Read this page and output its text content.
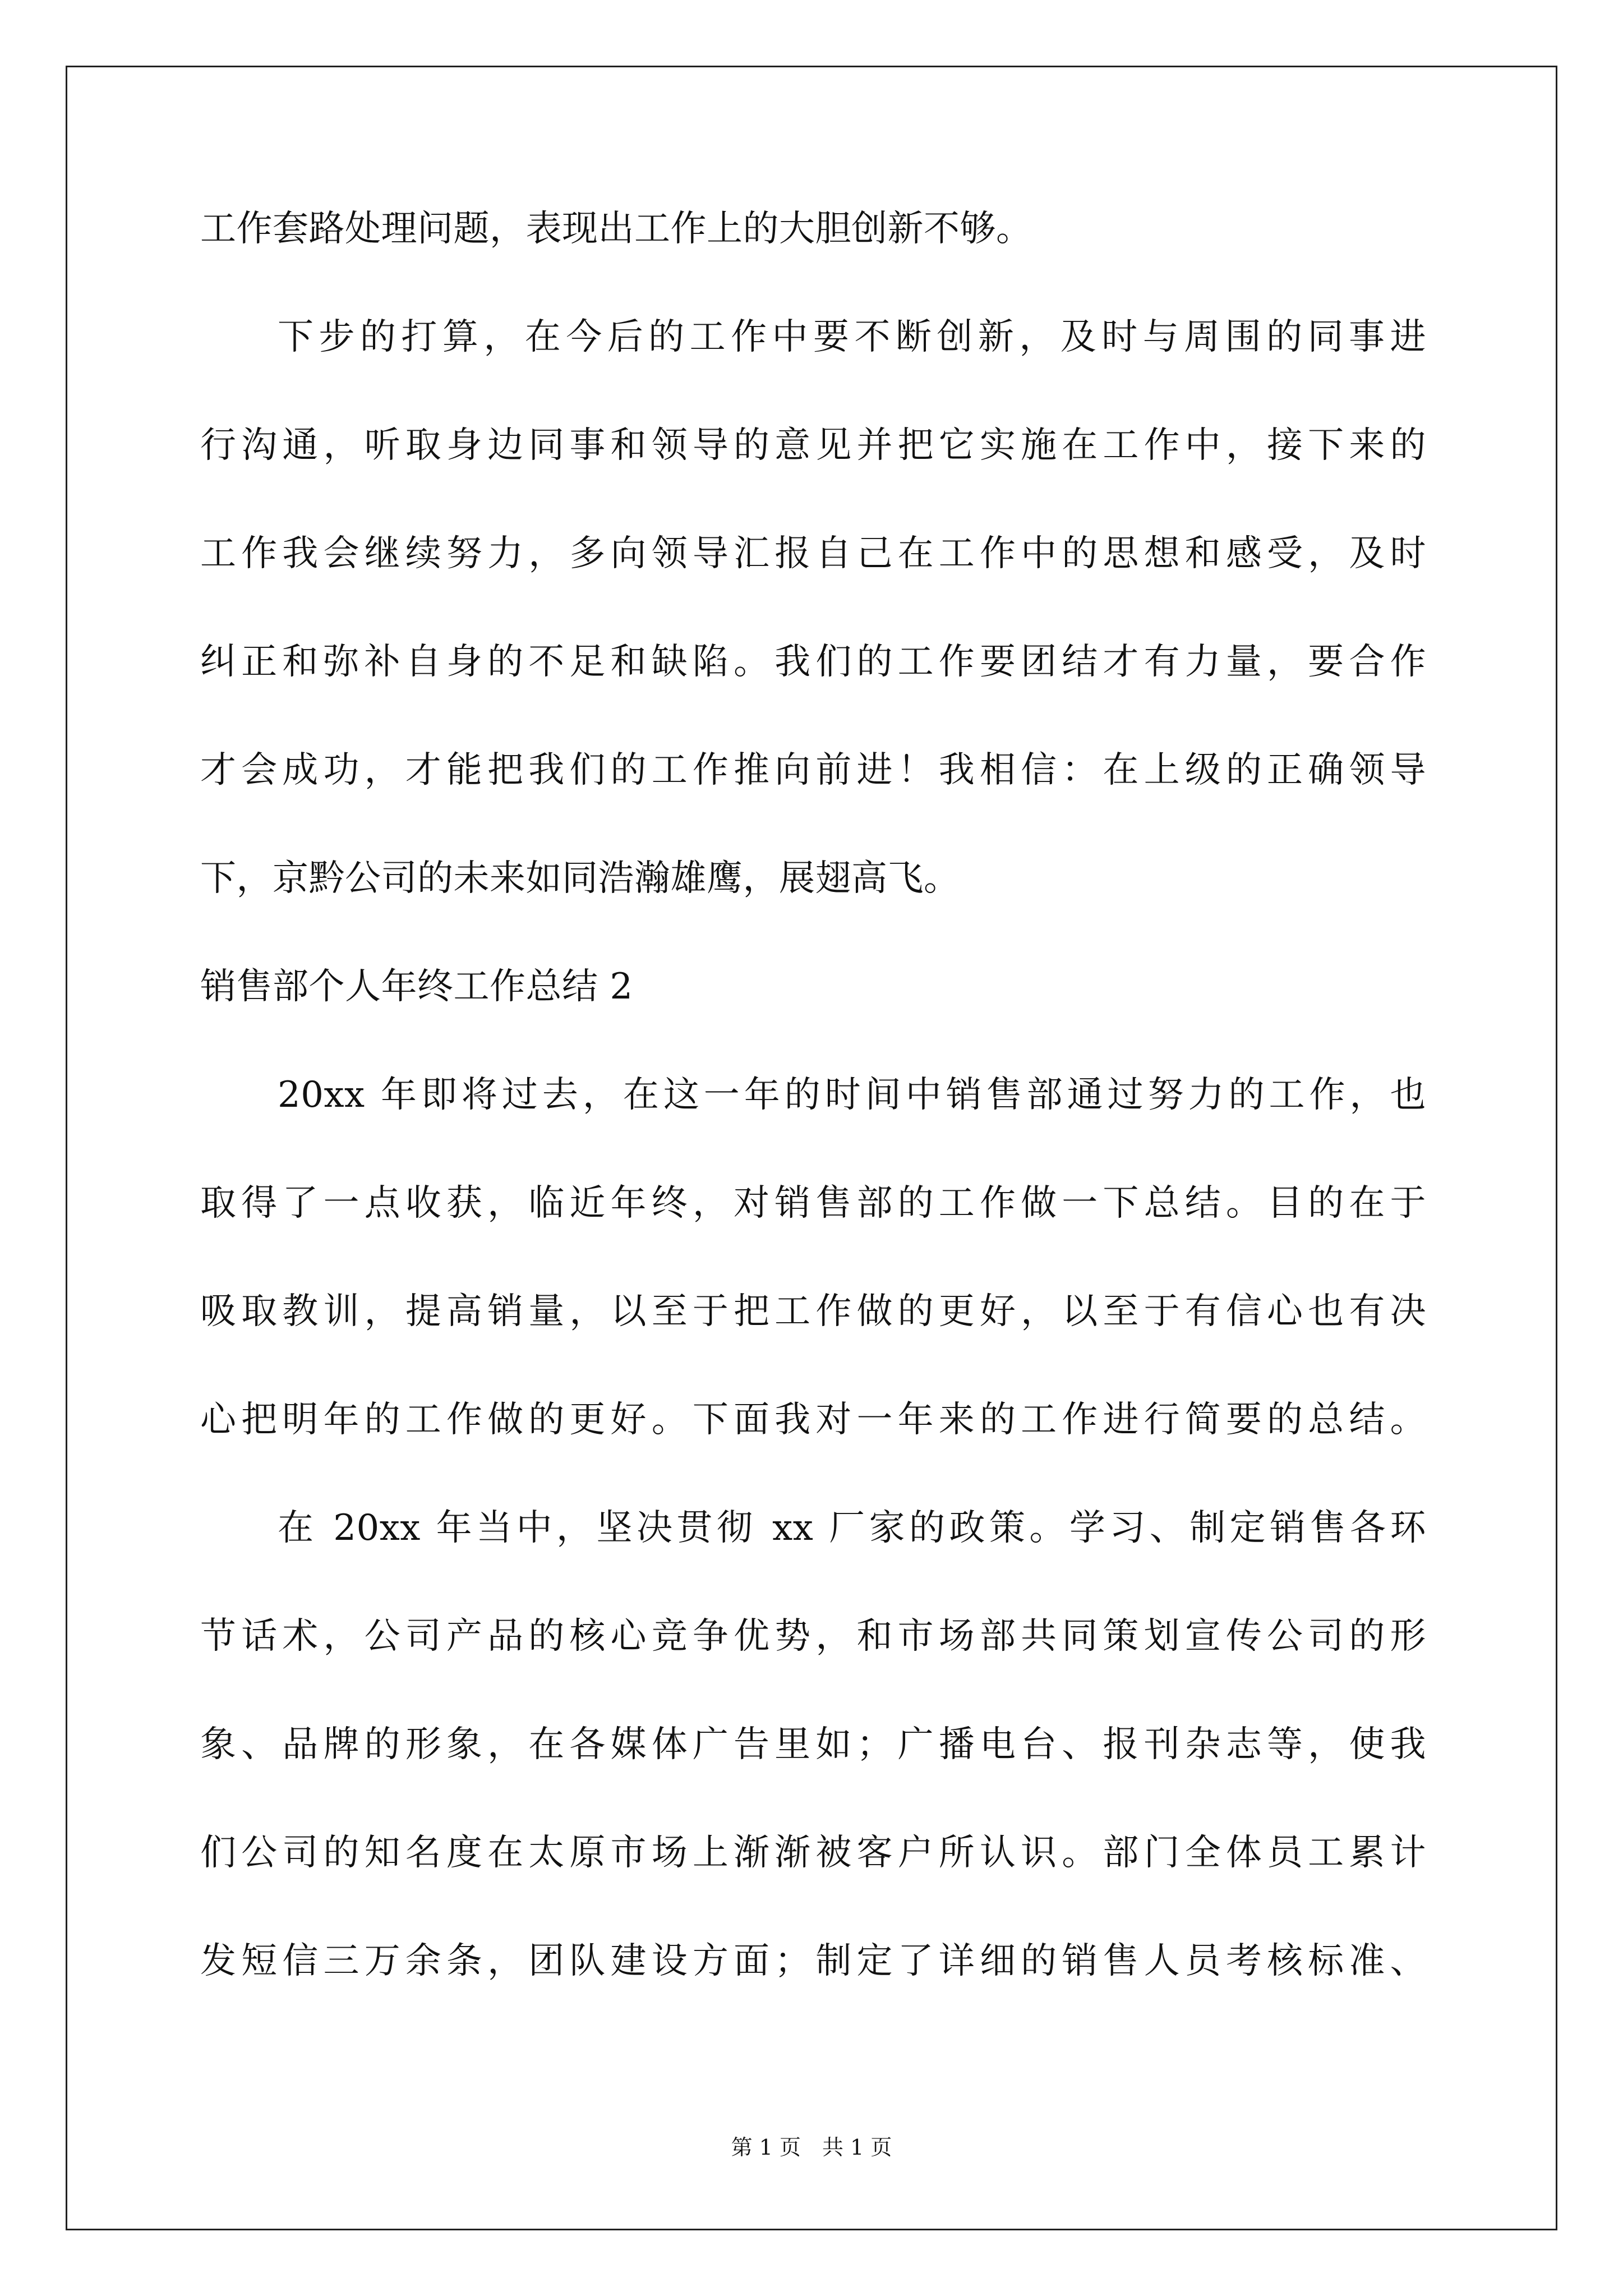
工作套路处理问题，表现出工作上的大胆创新不够。
下步的打算，在今后的工作中要不断创新，及时与周围的同事进
行沟通，听取身边同事和领导的意见并把它实施在工作中，接下来的
工作我会继续努力，多向领导汇报自己在工作中的思想和感受，及时
纠正和弥补自身的不足和缺陷。我们的工作要团结才有力量，要合作
才会成功，才能把我们的工作推向前进！我相信：在上级的正确领导
下，京黔公司的未来如同浩瀚雄鹰，展翅高飞。
销售部个人年终工作总结 2
20xx 年即将过去，在这一年的时间中销售部通过努力的工作，也
取得了一点收获，临近年终，对销售部的工作做一下总结。目的在于
吸取教训，提高销量，以至于把工作做的更好，以至于有信心也有决
心把明年的工作做的更好。下面我对一年来的工作进行简要的总结。
在 20xx 年当中，坚决贯彻 xx 厂家的政策。学习、制定销售各环
节话术，公司产品的核心竞争优势，和市场部共同策划宣传公司的形
象、品牌的形象，在各媒体广告里如；广播电台、报刊杂志等，使我
们公司的知名度在太原市场上渐渐被客户所认识。部门全体员工累计
发短信三万余条，团队建设方面；制定了详细的销售人员考核标准、
第 1 页　共 1 页
